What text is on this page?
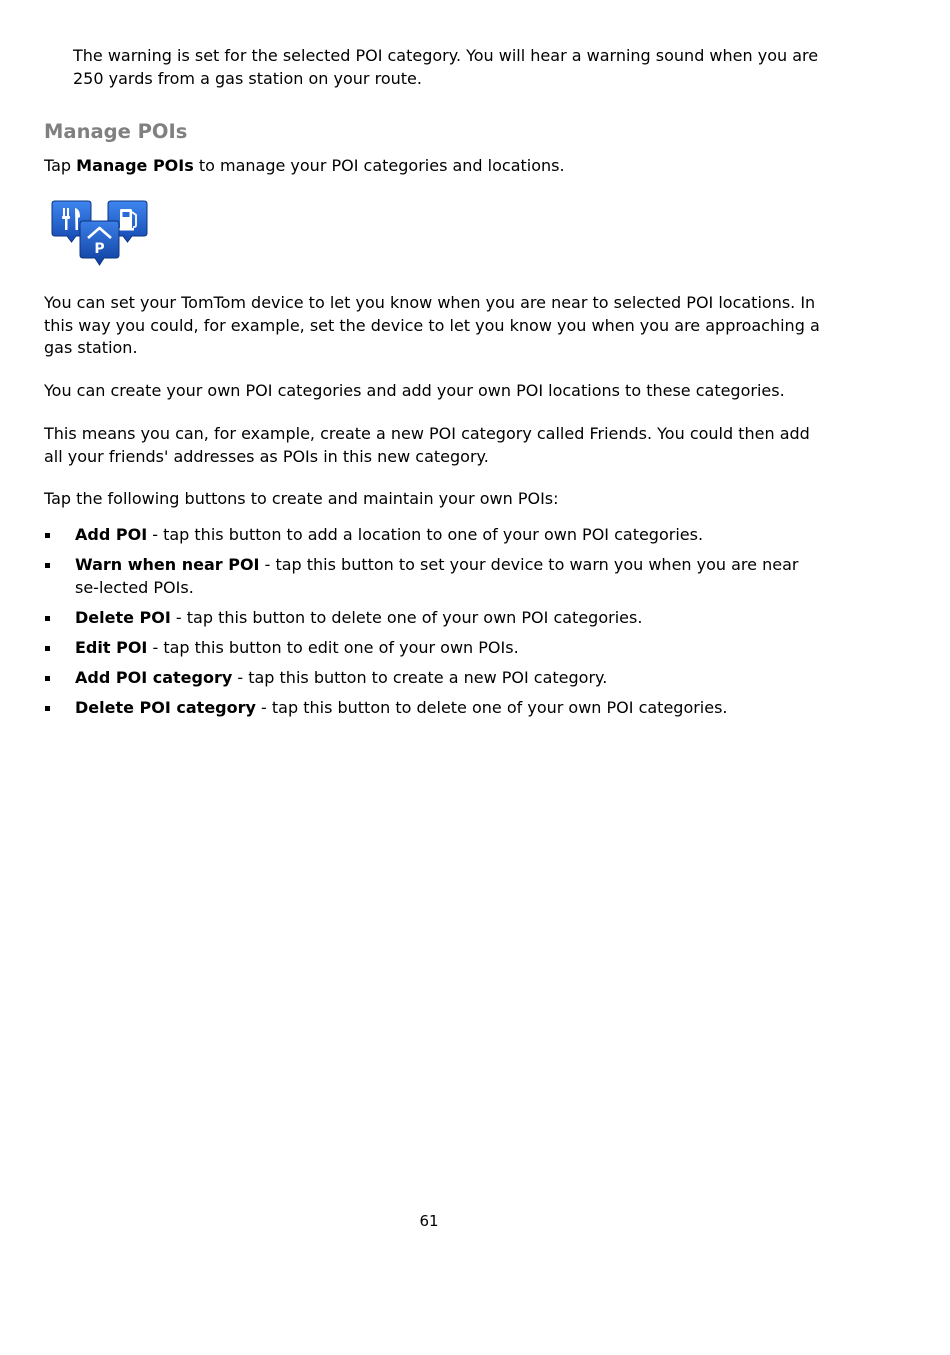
The warning is set for the selected POI category. You will hear a warning sound when you are 250 yards from a gas station on your route.

Manage POIs

Tap Manage POIs to manage your POI categories and locations.

P

You can set your TomTom device to let you know when you are near to selected POI locations. In this way you could, for example, set the device to let you know you when you are approaching a gas station.

You can create your own POI categories and add your own POI locations to these categories.

This means you can, for example, create a new POI category called Friends. You could then add all your friends' addresses as POIs in this new category.

Tap the following buttons to create and maintain your own POIs:

Add POI - tap this button to add a location to one of your own POI categories.
Warn when near POI - tap this button to set your device to warn you when you are near se-lected POIs.
Delete POI - tap this button to delete one of your own POI categories.
Edit POI - tap this button to edit one of your own POIs.
Add POI category - tap this button to create a new POI category.
Delete POI category - tap this button to delete one of your own POI categories.
61
